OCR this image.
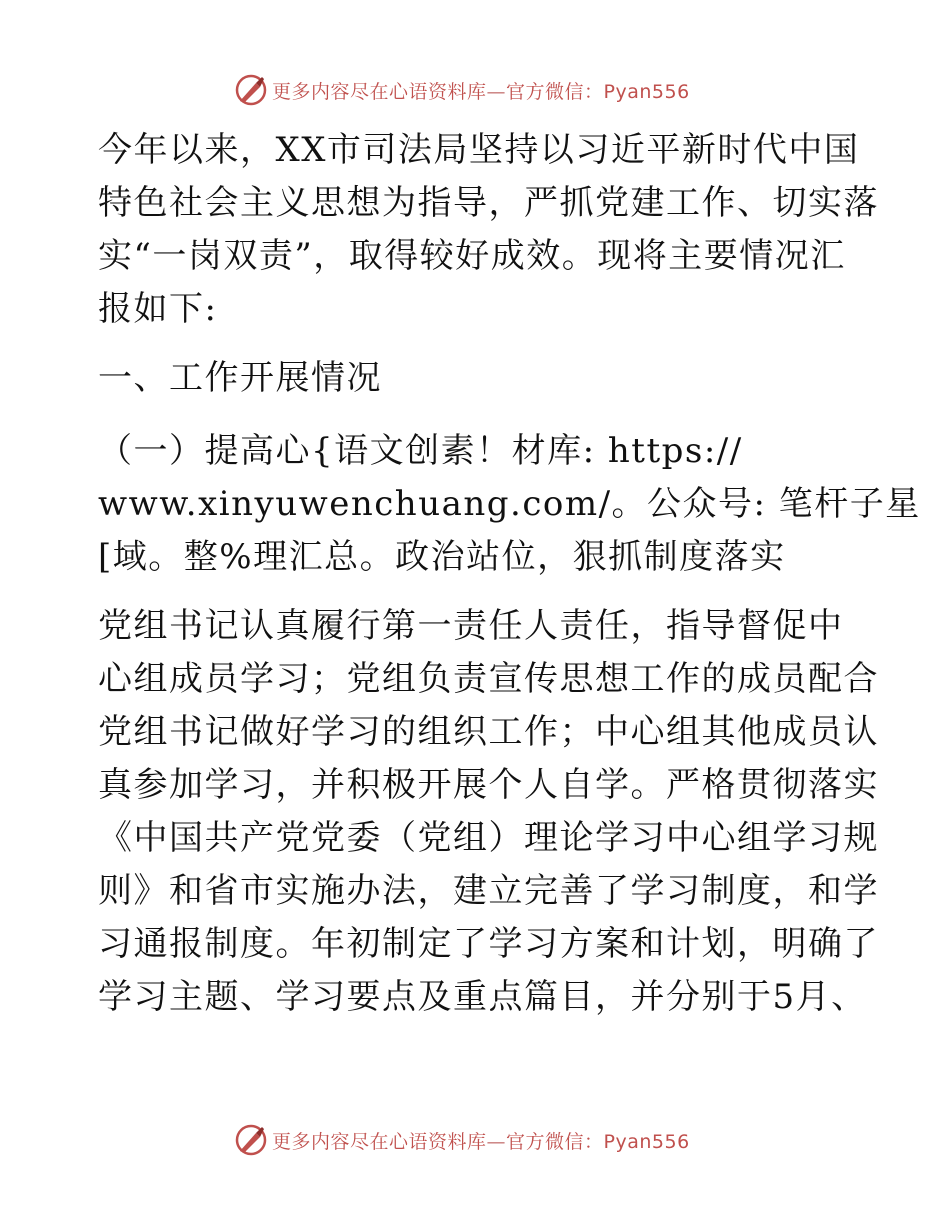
更多内容尽在心语资料库—官方微信：Pyan556
今年以来，XX市司法局坚持以习近平新时代中国
特色社会主义思想为指导，严抓党建工作、切实落
实“一岗双责”，取得较好成效。现将主要情况汇
报如下:
一、工作开展情况
（一）提高心{语文创素！材库: https://
www.xinyuwenchuang.com/。公众号: 笔杆子星
[域。整%理汇总。政治站位，狠抓制度落实
党组书记认真履行第一责任人责任，指导督促中
心组成员学习；党组负责宣传思想工作的成员配合
党组书记做好学习的组织工作；中心组其他成员认
真参加学习，并积极开展个人自学。严格贯彻落实
《中国共产党党委（党组）理论学习中心组学习规
则》和省市实施办法，建立完善了学习制度，和学
习通报制度。年初制定了学习方案和计划，明确了
学习主题、学习要点及重点篇目，并分别于5月、
更多内容尽在心语资料库—官方微信：Pyan556
